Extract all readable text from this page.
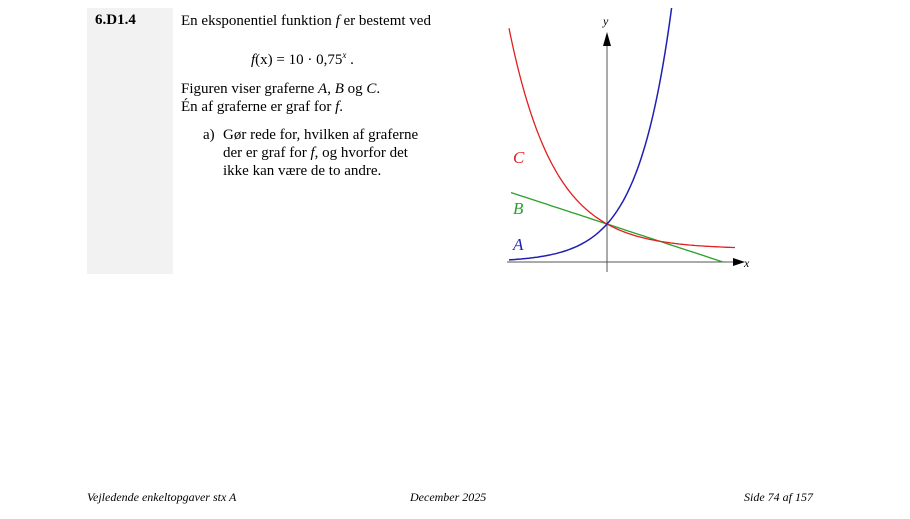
6.D1.4	En eksponentiel funktion f er bestemt ved
$f(x) = 10 \cdot 0,75^x$ .
Figuren viser graferne A, B og C.
Én af graferne er graf for f.
a) Gør rede for, hvilken af graferne
der er graf for f, og hvorfor det
ikke kan være de to andre.
x
y
C
B
A
Vejledende enkeltopgaver stx A	December 2025	Side 74 af 157
